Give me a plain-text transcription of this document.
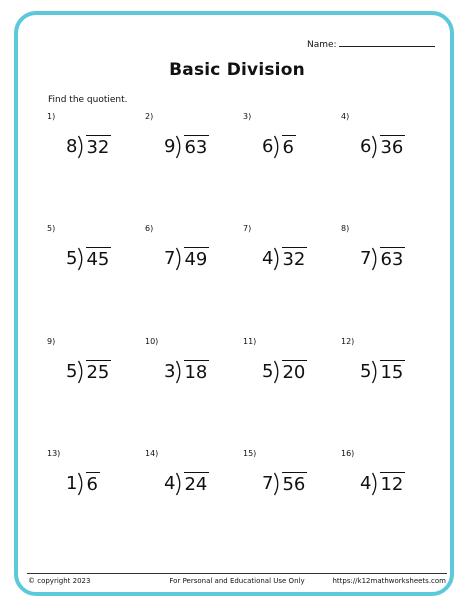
Name:
Basic Division
Find the quotient.
1)
8 32
2)
9 63
3)
6 6
4)
6 36
5)
5 45
6)
7 49
7)
4 32
8)
7 63
9)
5 25
10)
3 18
11)
5 20
12)
5 15
13)
1 6
14)
4 24
15)
7 56
16)
4 12
© copyright 2023	For Personal and Educational Use Only	https://k12mathworksheets.com
